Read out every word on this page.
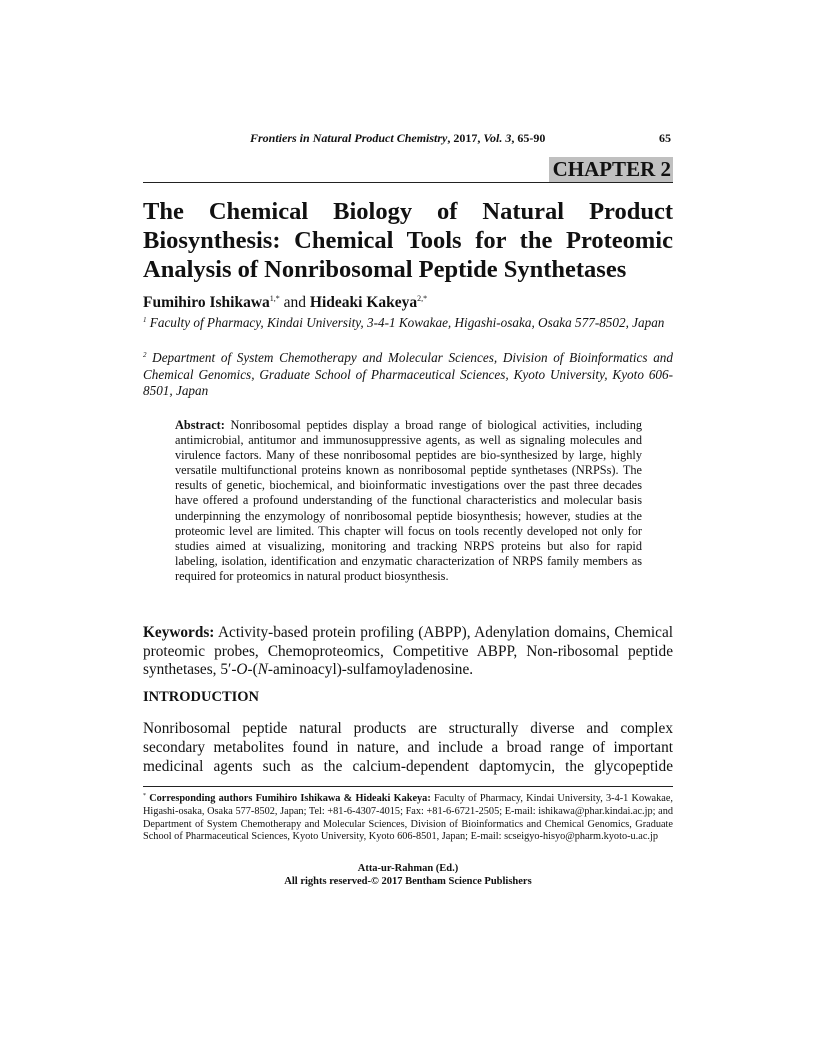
Frontiers in Natural Product Chemistry, 2017, Vol. 3, 65-90	65
CHAPTER 2
The Chemical Biology of Natural Product Biosynthesis: Chemical Tools for the Proteomic Analysis of Nonribosomal Peptide Synthetases
Fumihiro Ishikawa$^{1,*}$ and Hideaki Kakeya$^{2,*}$
$^1$ Faculty of Pharmacy, Kindai University, 3-4-1 Kowakae, Higashi-osaka, Osaka 577-8502, Japan
$^2$ Department of System Chemotherapy and Molecular Sciences, Division of Bioinformatics and Chemical Genomics, Graduate School of Pharmaceutical Sciences, Kyoto University, Kyoto 606-8501, Japan
Abstract: Nonribosomal peptides display a broad range of biological activities, including antimicrobial, antitumor and immunosuppressive agents, as well as signaling molecules and virulence factors. Many of these nonribosomal peptides are bio-synthesized by large, highly versatile multifunctional proteins known as nonribosomal peptide synthetases (NRPSs). The results of genetic, biochemical, and bioinformatic investigations over the past three decades have offered a profound understanding of the functional characteristics and molecular basis underpinning the enzymology of nonribosomal peptide biosynthesis; however, studies at the proteomic level are limited. This chapter will focus on tools recently developed not only for studies aimed at visualizing, monitoring and tracking NRPS proteins but also for rapid labeling, isolation, identification and enzymatic characterization of NRPS family members as required for proteomics in natural product biosynthesis.
Keywords: Activity-based protein profiling (ABPP), Adenylation domains, Chemical proteomic probes, Chemoproteomics, Competitive ABPP, Non-ribosomal peptide synthetases, 5′-O-(N-aminoacyl)-sulfamoyladenosine.
INTRODUCTION

Nonribosomal peptide natural products are structurally diverse and complex secondary metabolites found in nature, and include a broad range of important medicinal agents such as the calcium-dependent daptomycin, the glycopeptide

* Corresponding authors Fumihiro Ishikawa & Hideaki Kakeya: Faculty of Pharmacy, Kindai University, 3-4-1 Kowakae, Higashi-osaka, Osaka 577-8502, Japan; Tel: +81-6-4307-4015; Fax: +81-6-6721-2505; E-mail: ishikawa@phar.kindai.ac.jp; and Department of System Chemotherapy and Molecular Sciences, Division of Bioinformatics and Chemical Genomics, Graduate School of Pharmaceutical Sciences, Kyoto University, Kyoto 606-8501, Japan; E-mail: scseigyo-hisyo@pharm.kyoto-u.ac.jp
Atta-ur-Rahman (Ed.)
All rights reserved-© 2017 Bentham Science Publishers
